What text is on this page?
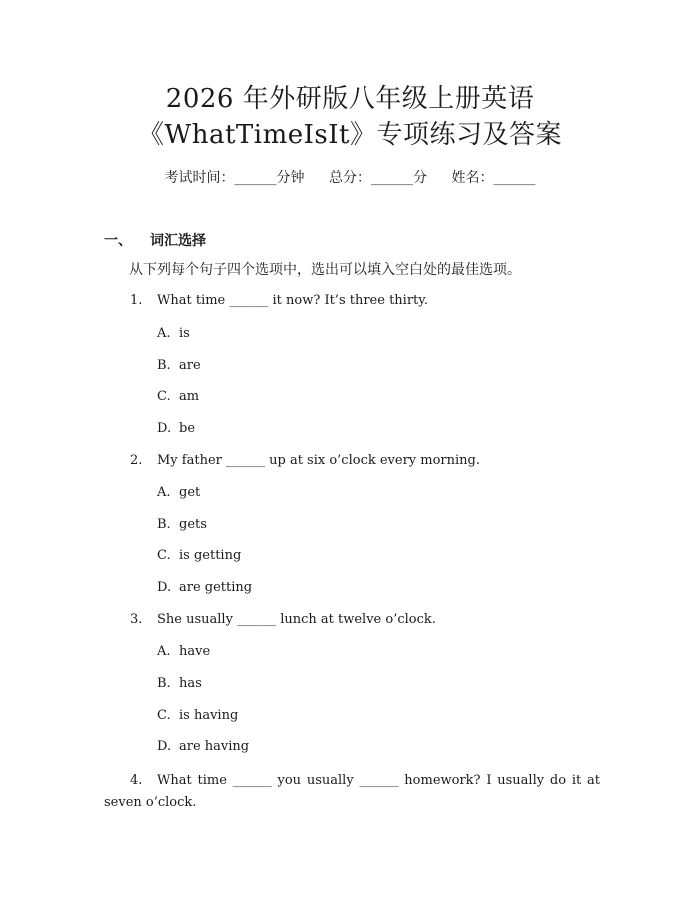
2026 年外研版八年级上册英语
《WhatTimeIsIt》专项练习及答案
考试时间：______分钟 总分：______分 姓名：______
一、 词汇选择
从下列每个句子四个选项中，选出可以填入空白处的最佳选项。
1. What time ______ it now? It’s three thirty.
A. is
B. are
C. am
D. be
2. My father ______ up at six o’clock every morning.
A. get
B. gets
C. is getting
D. are getting
3. She usually ______ lunch at twelve o’clock.
A. have
B. has
C. is having
D. are having
4. What time ______ you usually ______ homework? I usually do it at seven o’clock.
